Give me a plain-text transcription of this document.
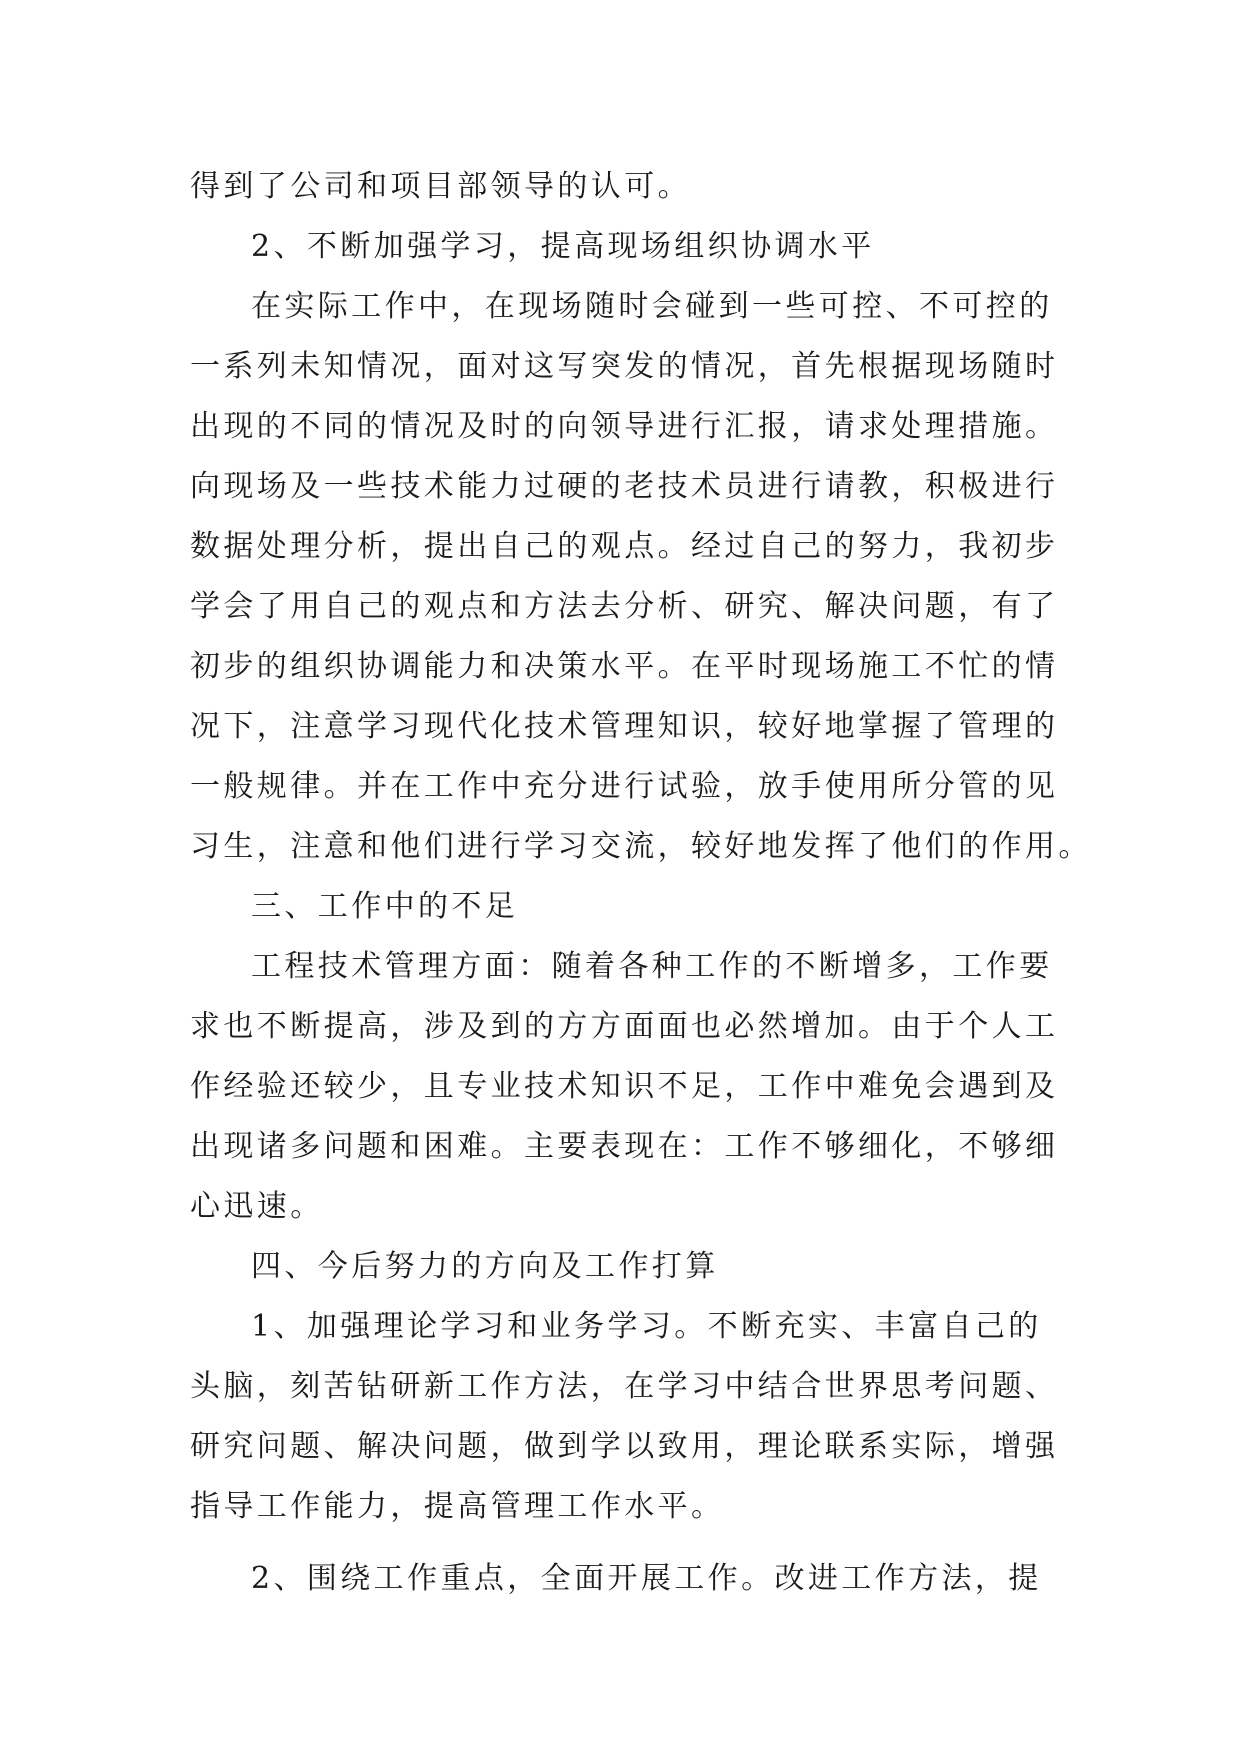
得到了公司和项目部领导的认可。
2、不断加强学习，提高现场组织协调水平
在实际工作中，在现场随时会碰到一些可控、不可控的
一系列未知情况，面对这写突发的情况，首先根据现场随时
出现的不同的情况及时的向领导进行汇报，请求处理措施。
向现场及一些技术能力过硬的老技术员进行请教，积极进行
数据处理分析，提出自己的观点。经过自己的努力，我初步
学会了用自己的观点和方法去分析、研究、解决问题，有了
初步的组织协调能力和决策水平。在平时现场施工不忙的情
况下，注意学习现代化技术管理知识，较好地掌握了管理的
一般规律。并在工作中充分进行试验，放手使用所分管的见
习生，注意和他们进行学习交流，较好地发挥了他们的作用。
三、工作中的不足
工程技术管理方面：随着各种工作的不断增多，工作要
求也不断提高，涉及到的方方面面也必然增加。由于个人工
作经验还较少，且专业技术知识不足，工作中难免会遇到及
出现诸多问题和困难。主要表现在：工作不够细化，不够细
心迅速。
四、今后努力的方向及工作打算
1、加强理论学习和业务学习。不断充实、丰富自己的
头脑，刻苦钻研新工作方法，在学习中结合世界思考问题、
研究问题、解决问题，做到学以致用，理论联系实际，增强
指导工作能力，提高管理工作水平。
2、围绕工作重点，全面开展工作。改进工作方法，提
